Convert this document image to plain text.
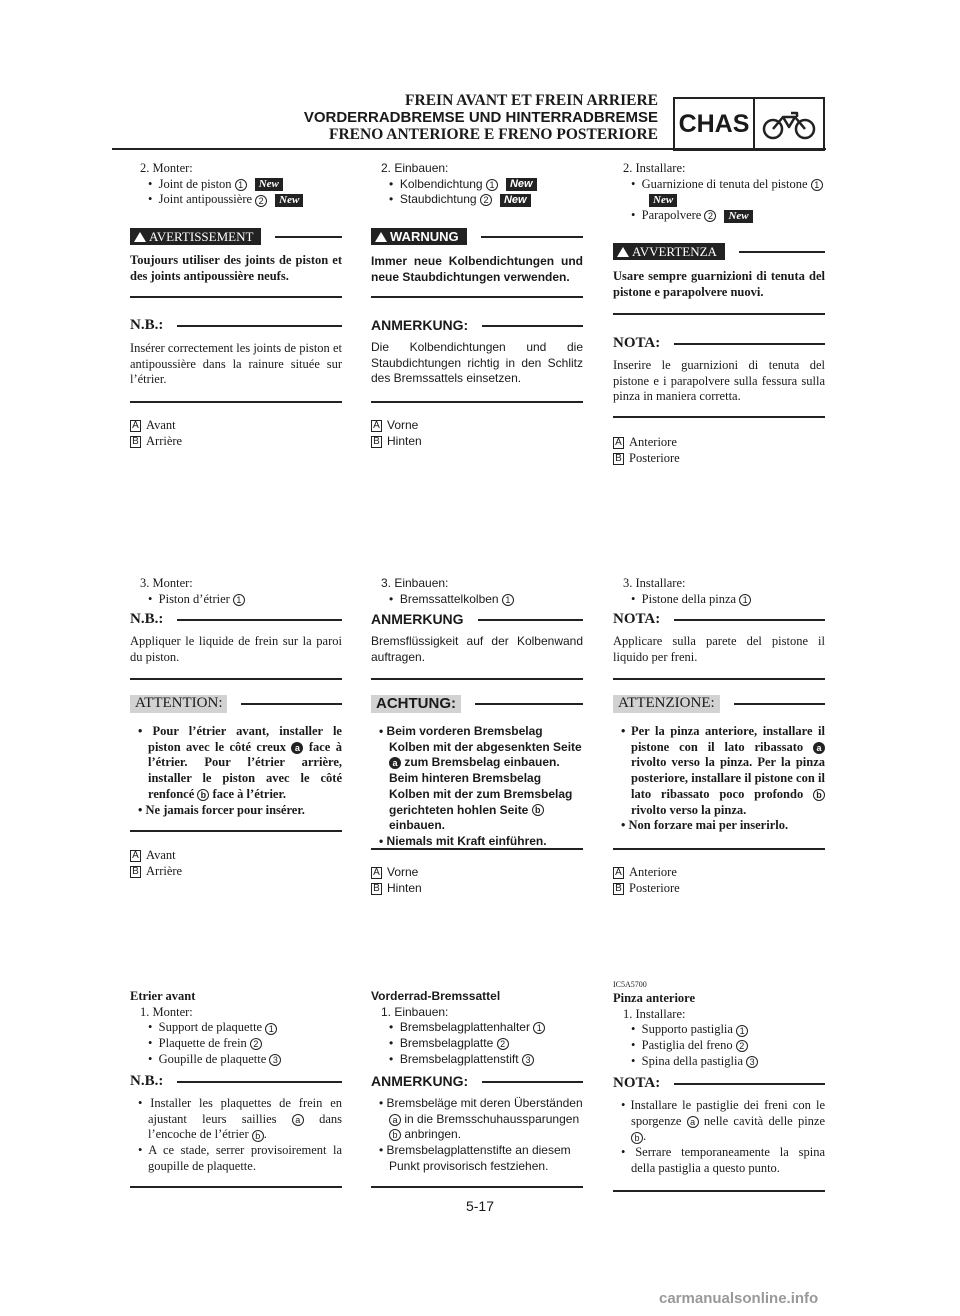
FREIN AVANT ET FREIN ARRIERE
VORDERRADBREMSE UND HINTERRADBREMSE
FRENO ANTERIORE E FRENO POSTERIORE CHAS
2. Monter:
•  Joint de piston 1 New
•  Joint antipoussière 2 New
AVERTISSEMENT
Toujours utiliser des joints de piston et des joints antipoussière neufs.
N.B.:
Insérer correctement les joints de piston et antipoussière dans la rainure située sur l’étrier.
A Avant
B Arrière
3. Monter:
•  Piston d’étrier 1
N.B.:
Appliquer le liquide de frein sur la paroi du piston.
ATTENTION:
• Pour l’étrier avant, installer le piston avec le côté creux a face à l’étrier. Pour l’étrier arrière, installer le piston avec le côté renfoncé b face à l’étrier.
• Ne jamais forcer pour insérer.
A Avant
B Arrière
Etrier avant
1. Monter:
•  Support de plaquette 1
•  Plaquette de frein 2
•  Goupille de plaquette 3
N.B.:
• Installer les plaquettes de frein en ajustant leurs saillies a dans l’encoche de l’étrier b .
• A ce stade, serrer provisoirement la goupille de plaquette.
2. Einbauen:
•  Kolbendichtung 1 New
•  Staubdichtung 2 New
WARNUNG
Immer neue Kolbendichtungen und neue Staubdichtungen verwenden.
ANMERKUNG:
Die Kolbendichtungen und die Staubdichtungen richtig in den Schlitz des Bremssattels einsetzen.
A Vorne
B Hinten
3. Einbauen:
•  Bremssattelkolben 1
ANMERKUNG
Bremsflüssigkeit auf der Kolbenwand auftragen.
ACHTUNG:
• Beim vorderen Bremsbelag Kolben mit der abgesenkten Seite a zum Bremsbelag einbauen. Beim hinteren Bremsbelag Kolben mit der zum Bremsbelag gerichteten hohlen Seite b einbauen.
• Niemals mit Kraft einführen.
A Vorne
B Hinten
Vorderrad-Bremssattel
1. Einbauen:
•  Bremsbelagplattenhalter 1
•  Bremsbelagplatte 2
•  Bremsbelagplattenstift 3
ANMERKUNG:
• Bremsbeläge mit deren Überständen a in die Bremsschuhaussparungen b anbringen.
• Bremsbelagplattenstifte an diesem Punkt provisorisch festziehen.
2. Installare:
•  Guarnizione di tenuta del pistone 1New
•  Parapolvere 2 New
AVVERTENZA
Usare sempre guarnizioni di tenuta del pistone e parapolvere nuovi.
NOTA:
Inserire le guarnizioni di tenuta del pistone e i parapolvere sulla fessura sulla pinza in maniera corretta.
A Anteriore
B Posteriore
3. Installare:
•  Pistone della pinza 1
NOTA:
Applicare sulla parete del pistone il liquido per freni.
ATTENZIONE:
• Per la pinza anteriore, installare il pistone con il lato ribassato a rivolto verso la pinza. Per la pinza posteriore, installare il pistone con il lato ribassato poco profondo b rivolto verso la pinza.
• Non forzare mai per inserirlo.
A Anteriore
B Posteriore
IC5A5700
Pinza anteriore
1. Installare:
•  Supporto pastiglia 1
•  Pastiglia del freno 2
•  Spina della pastiglia 3
NOTA:
• Installare le pastiglie dei freni con le sporgenze a nelle cavità delle pinze b .
• Serrare temporaneamente la spina della pastiglia a questo punto.
5-17
carmanualsonline.info
